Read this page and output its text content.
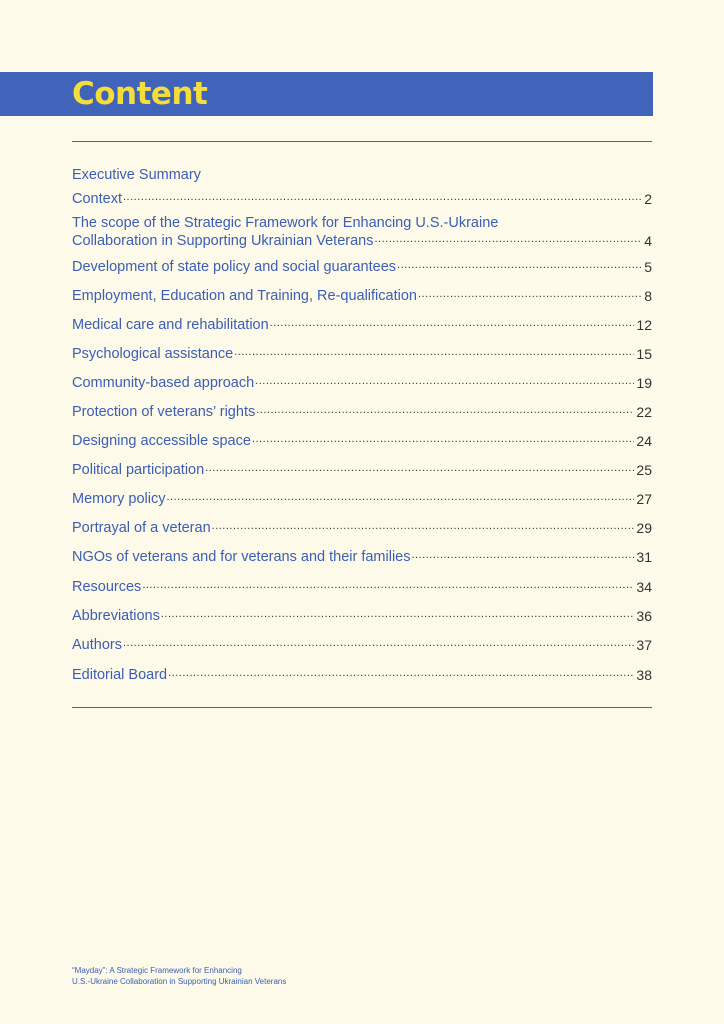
Content
Executive Summary
Context .....	2
The scope of the Strategic Framework for Enhancing U.S.-Ukraine
Collaboration in Supporting Ukrainian Veterans .....	4
Development of state policy and social guarantees .....	5
Employment, Education and Training, Re-qualification .....	8
Medical care and rehabilitation .....	12
Psychological assistance .....	15
Community-based approach .....	19
Protection of veterans’ rights .....	22
Designing accessible space .....	24
Political participation .....	25
Memory policy .....	27
Portrayal of a veteran .....	29
NGOs of veterans and for veterans and their families .....	31
Resources .....	34
Abbreviations .....	36
Authors .....	37
Editorial Board .....	38
“Mayday”: A Strategic Framework for Enhancing
U.S.-Ukraine Collaboration in Supporting Ukrainian Veterans
